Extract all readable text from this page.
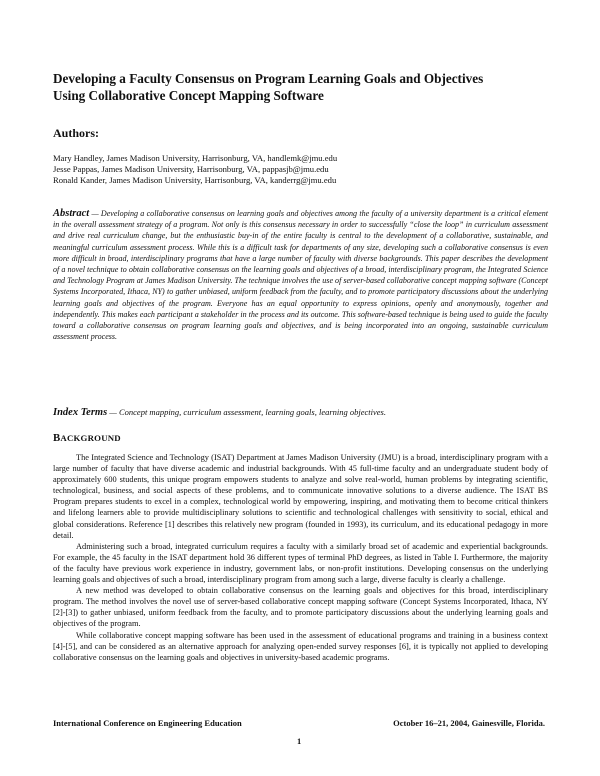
Developing a Faculty Consensus on Program Learning Goals and Objectives
Using Collaborative Concept Mapping Software
Authors:
Mary Handley, James Madison University, Harrisonburg, VA, handlemk@jmu.edu
Jesse Pappas, James Madison University, Harrisonburg, VA, pappasjb@jmu.edu
Ronald Kander, James Madison University, Harrisonburg, VA, kanderrg@jmu.edu
Abstract — Developing a collaborative consensus on learning goals and objectives among the faculty of a university department is a critical element in the overall assessment strategy of a program. Not only is this consensus necessary in order to successfully “close the loop” in curriculum assessment and drive real curriculum change, but the enthusiastic buy-in of the entire faculty is central to the development of a collaborative, sustainable, and meaningful curriculum assessment process. While this is a difficult task for departments of any size, developing such a collaborative consensus is even more difficult in broad, interdisciplinary programs that have a large number of faculty with diverse backgrounds. This paper describes the development of a novel technique to obtain collaborative consensus on the learning goals and objectives of a broad, interdisciplinary program, the Integrated Science and Technology Program at James Madison University. The technique involves the use of server-based collaborative concept mapping software (Concept Systems Incorporated, Ithaca, NY) to gather unbiased, uniform feedback from the faculty, and to promote participatory discussions about the underlying learning goals and objectives of the program. Everyone has an equal opportunity to express opinions, openly and anonymously, together and independently. This makes each participant a stakeholder in the process and its outcome. This software-based technique is being used to guide the faculty toward a collaborative consensus on program learning goals and objectives, and is being incorporated into an ongoing, sustainable curriculum assessment process.
Index Terms — Concept mapping, curriculum assessment, learning goals, learning objectives.
BACKGROUND

The Integrated Science and Technology (ISAT) Department at James Madison University (JMU) is a broad, interdisciplinary program with a large number of faculty that have diverse academic and industrial backgrounds. With 45 full-time faculty and an undergraduate student body of approximately 600 students, this unique program empowers students to analyze and solve real-world, human problems by integrating scientific, technological, business, and social aspects of these problems, and to communicate innovative solutions to a diverse audience. The ISAT BS Program prepares students to excel in a complex, technological world by empowering, inspiring, and motivating them to become critical thinkers and lifelong learners able to provide multidisciplinary solutions to scientific and technological challenges with sensitivity to social, ethical and global considerations. Reference [1] describes this relatively new program (founded in 1993), its curriculum, and its educational pedagogy in more detail.

Administering such a broad, integrated curriculum requires a faculty with a similarly broad set of academic and experiential backgrounds. For example, the 45 faculty in the ISAT department hold 36 different types of terminal PhD degrees, as listed in Table I. Furthermore, the majority of the faculty have previous work experience in industry, government labs, or non-profit institutions. Developing consensus on the underlying learning goals and objectives of such a broad, interdisciplinary program from among such a large, diverse faculty is clearly a challenge.

A new method was developed to obtain collaborative consensus on the learning goals and objectives for this broad, interdisciplinary program. The method involves the novel use of server-based collaborative concept mapping software (Concept Systems Incorporated, Ithaca, NY [2]-[3]) to gather unbiased, uniform feedback from the faculty, and to promote participatory discussions about the underlying learning goals and objectives of the program.

While collaborative concept mapping software has been used in the assessment of educational programs and training in a business context [4]-[5], and can be considered as an alternative approach for analyzing open-ended survey responses [6], it is typically not applied to developing collaborative consensus on the learning goals and objectives in university-based academic programs.

International Conference on Engineering Education	October 16–21, 2004, Gainesville, Florida.
1
